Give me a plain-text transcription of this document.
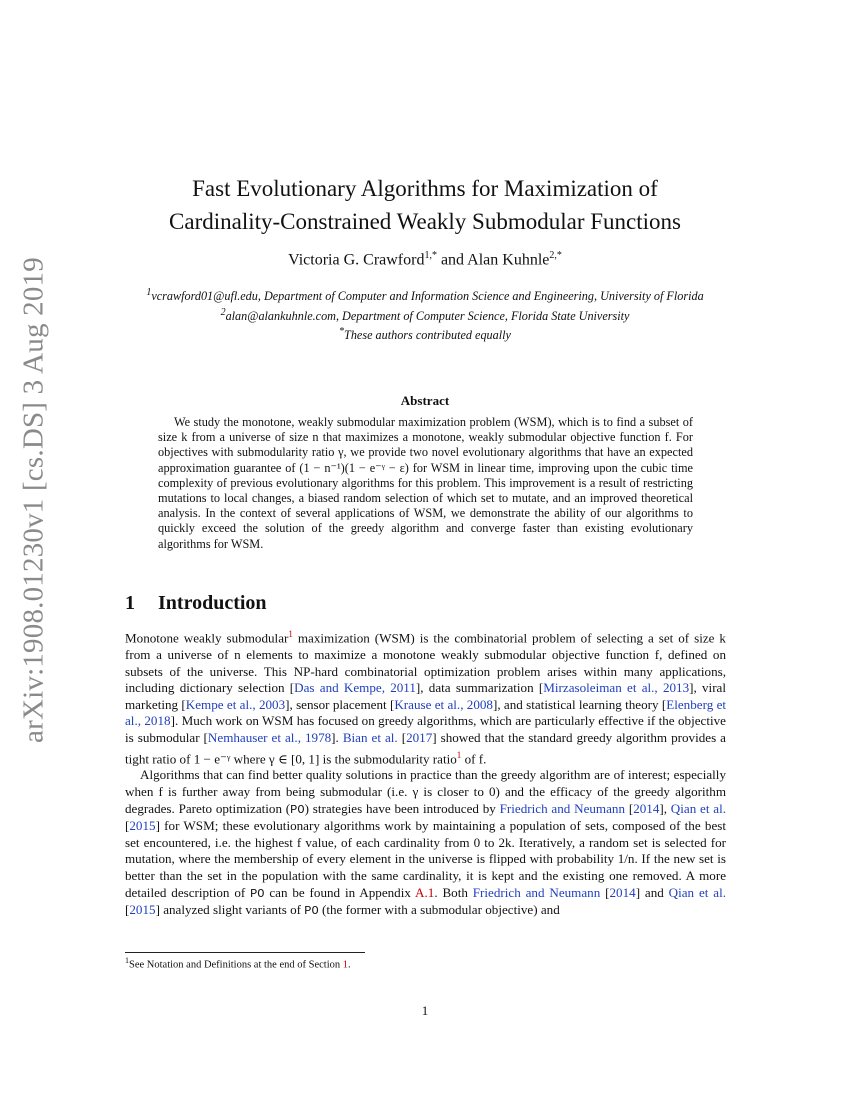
arXiv:1908.01230v1 [cs.DS] 3 Aug 2019
Fast Evolutionary Algorithms for Maximization of
Cardinality-Constrained Weakly Submodular Functions
Victoria G. Crawford$^{1,*}$ and Alan Kuhnle$^{2,*}$
$^1$vcrawford01@ufl.edu, Department of Computer and Information Science and Engineering, University of Florida
$^2$alan@alankuhnle.com, Department of Computer Science, Florida State University
*These authors contributed equally
Abstract

We study the monotone, weakly submodular maximization problem (WSM), which is to find a subset of size k from a universe of size n that maximizes a monotone, weakly submodular objective function f. For objectives with submodularity ratio γ, we provide two novel evolutionary algorithms that have an expected approximation guarantee of (1 − n⁻¹)(1 − e⁻ᵞ − ε) for WSM in linear time, improving upon the cubic time complexity of previous evolutionary algorithms for this problem. This improvement is a result of restricting mutations to local changes, a biased random selection of which set to mutate, and an improved theoretical analysis. In the context of several applications of WSM, we demonstrate the ability of our algorithms to quickly exceed the solution of the greedy algorithm and converge faster than existing evolutionary algorithms for WSM.

1 Introduction

Monotone weakly submodular$^1$ maximization (WSM) is the combinatorial problem of selecting a set of size k from a universe of n elements to maximize a monotone weakly submodular objective function f, defined on subsets of the universe. This NP-hard combinatorial optimization problem arises within many applications, including dictionary selection [Das and Kempe, 2011], data summarization [Mirzasoleiman et al., 2013], viral marketing [Kempe et al., 2003], sensor placement [Krause et al., 2008], and statistical learning theory [Elenberg et al., 2018]. Much work on WSM has focused on greedy algorithms, which are particularly effective if the objective is submodular [Nemhauser et al., 1978]. Bian et al. [2017] showed that the standard greedy algorithm provides a tight ratio of 1 − e⁻ᵞ where γ ∈ [0, 1] is the submodularity ratio$^1$ of f.

Algorithms that can find better quality solutions in practice than the greedy algorithm are of interest; especially when f is further away from being submodular (i.e. γ is closer to 0) and the efficacy of the greedy algorithm degrades. Pareto optimization (PO) strategies have been introduced by Friedrich and Neumann [2014], Qian et al. [2015] for WSM; these evolutionary algorithms work by maintaining a population of sets, composed of the best set encountered, i.e. the highest f value, of each cardinality from 0 to 2k. Iteratively, a random set is selected for mutation, where the membership of every element in the universe is flipped with probability 1/n. If the new set is better than the set in the population with the same cardinality, it is kept and the existing one removed. A more detailed description of PO can be found in Appendix A.1. Both Friedrich and Neumann [2014] and Qian et al. [2015] analyzed slight variants of PO (the former with a submodular objective) and

$^1$See Notation and Definitions at the end of Section 1.
1
